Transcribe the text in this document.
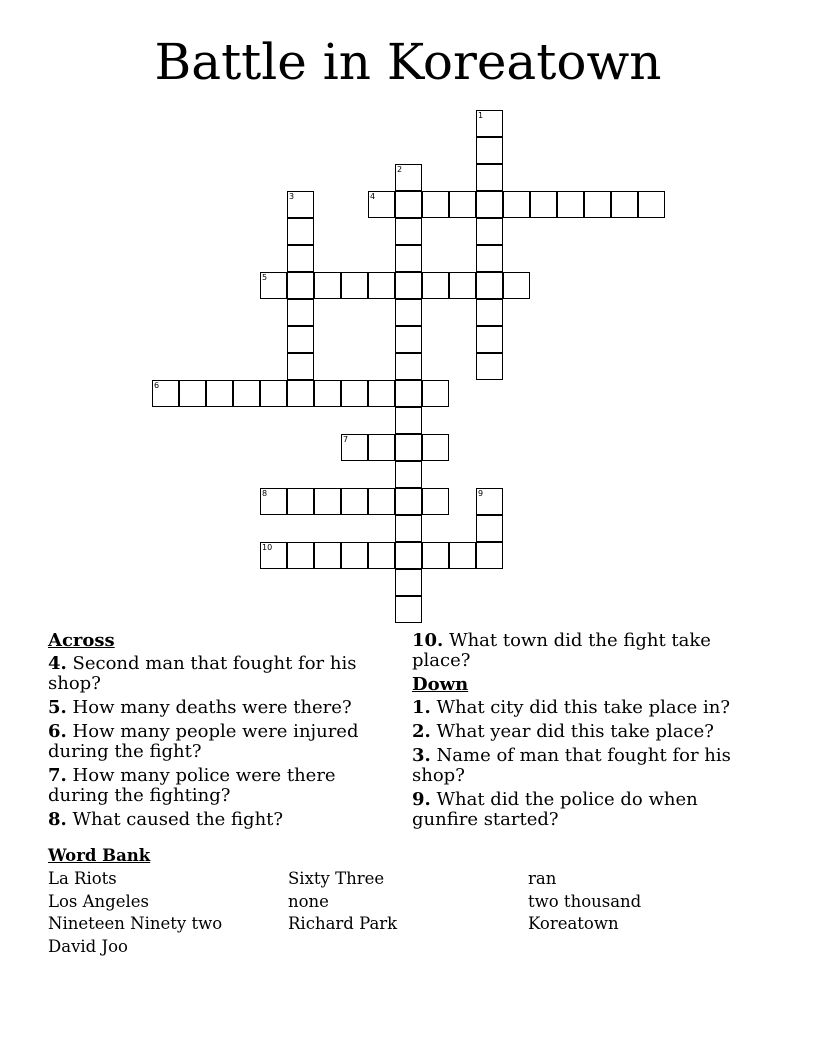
Battle in Koreatown
1
2
3	4
5
6
7
8	9
10
Across
4. Second man that fought for his shop?
5. How many deaths were there?
6. How many people were injured during the fight?
7. How many police were there during the fighting?
8. What caused the fight?
10. What town did the fight take place?
Down
1. What city did this take place in?
2. What year did this take place?
3. Name of man that fought for his shop?
9. What did the police do when gunfire started?
Word Bank
La Riots	Sixty Three	ran
Los Angeles	none	two thousand
Nineteen Ninety two	Richard Park	Koreatown
David Joo
